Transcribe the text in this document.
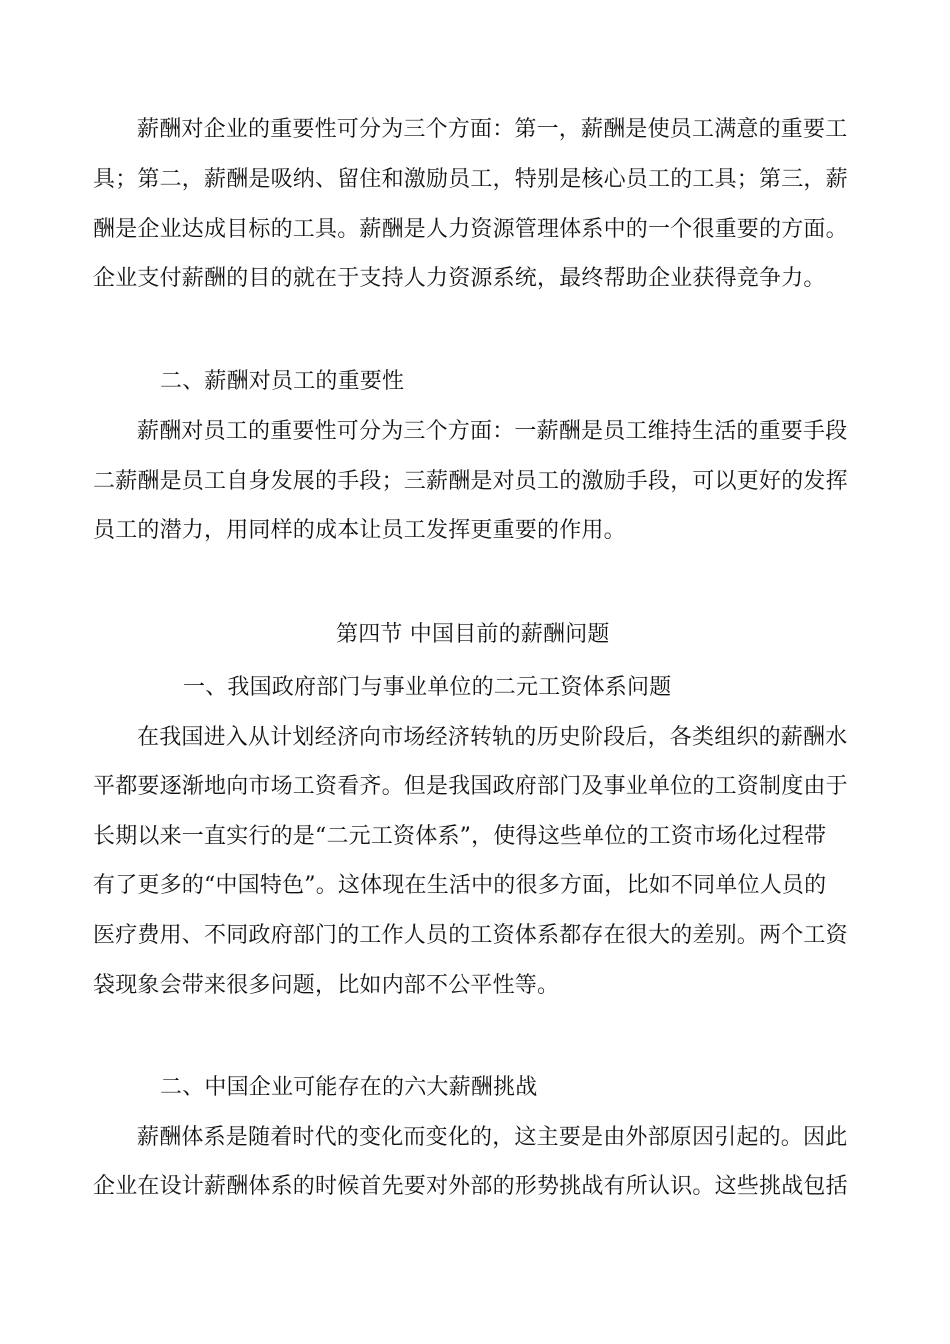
薪酬对企业的重要性可分为三个方面：第一，薪酬是使员工满意的重要工
具；第二，薪酬是吸纳、留住和激励员工，特别是核心员工的工具；第三，薪
酬是企业达成目标的工具。薪酬是人力资源管理体系中的一个很重要的方面。
企业支付薪酬的目的就在于支持人力资源系统，最终帮助企业获得竞争力。
二、薪酬对员工的重要性
薪酬对员工的重要性可分为三个方面：一薪酬是员工维持生活的重要手段
二薪酬是员工自身发展的手段；三薪酬是对员工的激励手段，可以更好的发挥
员工的潜力，用同样的成本让员工发挥更重要的作用。
第四节 中国目前的薪酬问题
一、我国政府部门与事业单位的二元工资体系问题
在我国进入从计划经济向市场经济转轨的历史阶段后，各类组织的薪酬水
平都要逐渐地向市场工资看齐。但是我国政府部门及事业单位的工资制度由于
长期以来一直实行的是“二元工资体系”，使得这些单位的工资市场化过程带
有了更多的“中国特色”。这体现在生活中的很多方面，比如不同单位人员的
医疗费用、不同政府部门的工作人员的工资体系都存在很大的差别。两个工资
袋现象会带来很多问题，比如内部不公平性等。
二、中国企业可能存在的六大薪酬挑战
薪酬体系是随着时代的变化而变化的，这主要是由外部原因引起的。因此
企业在设计薪酬体系的时候首先要对外部的形势挑战有所认识。这些挑战包括
